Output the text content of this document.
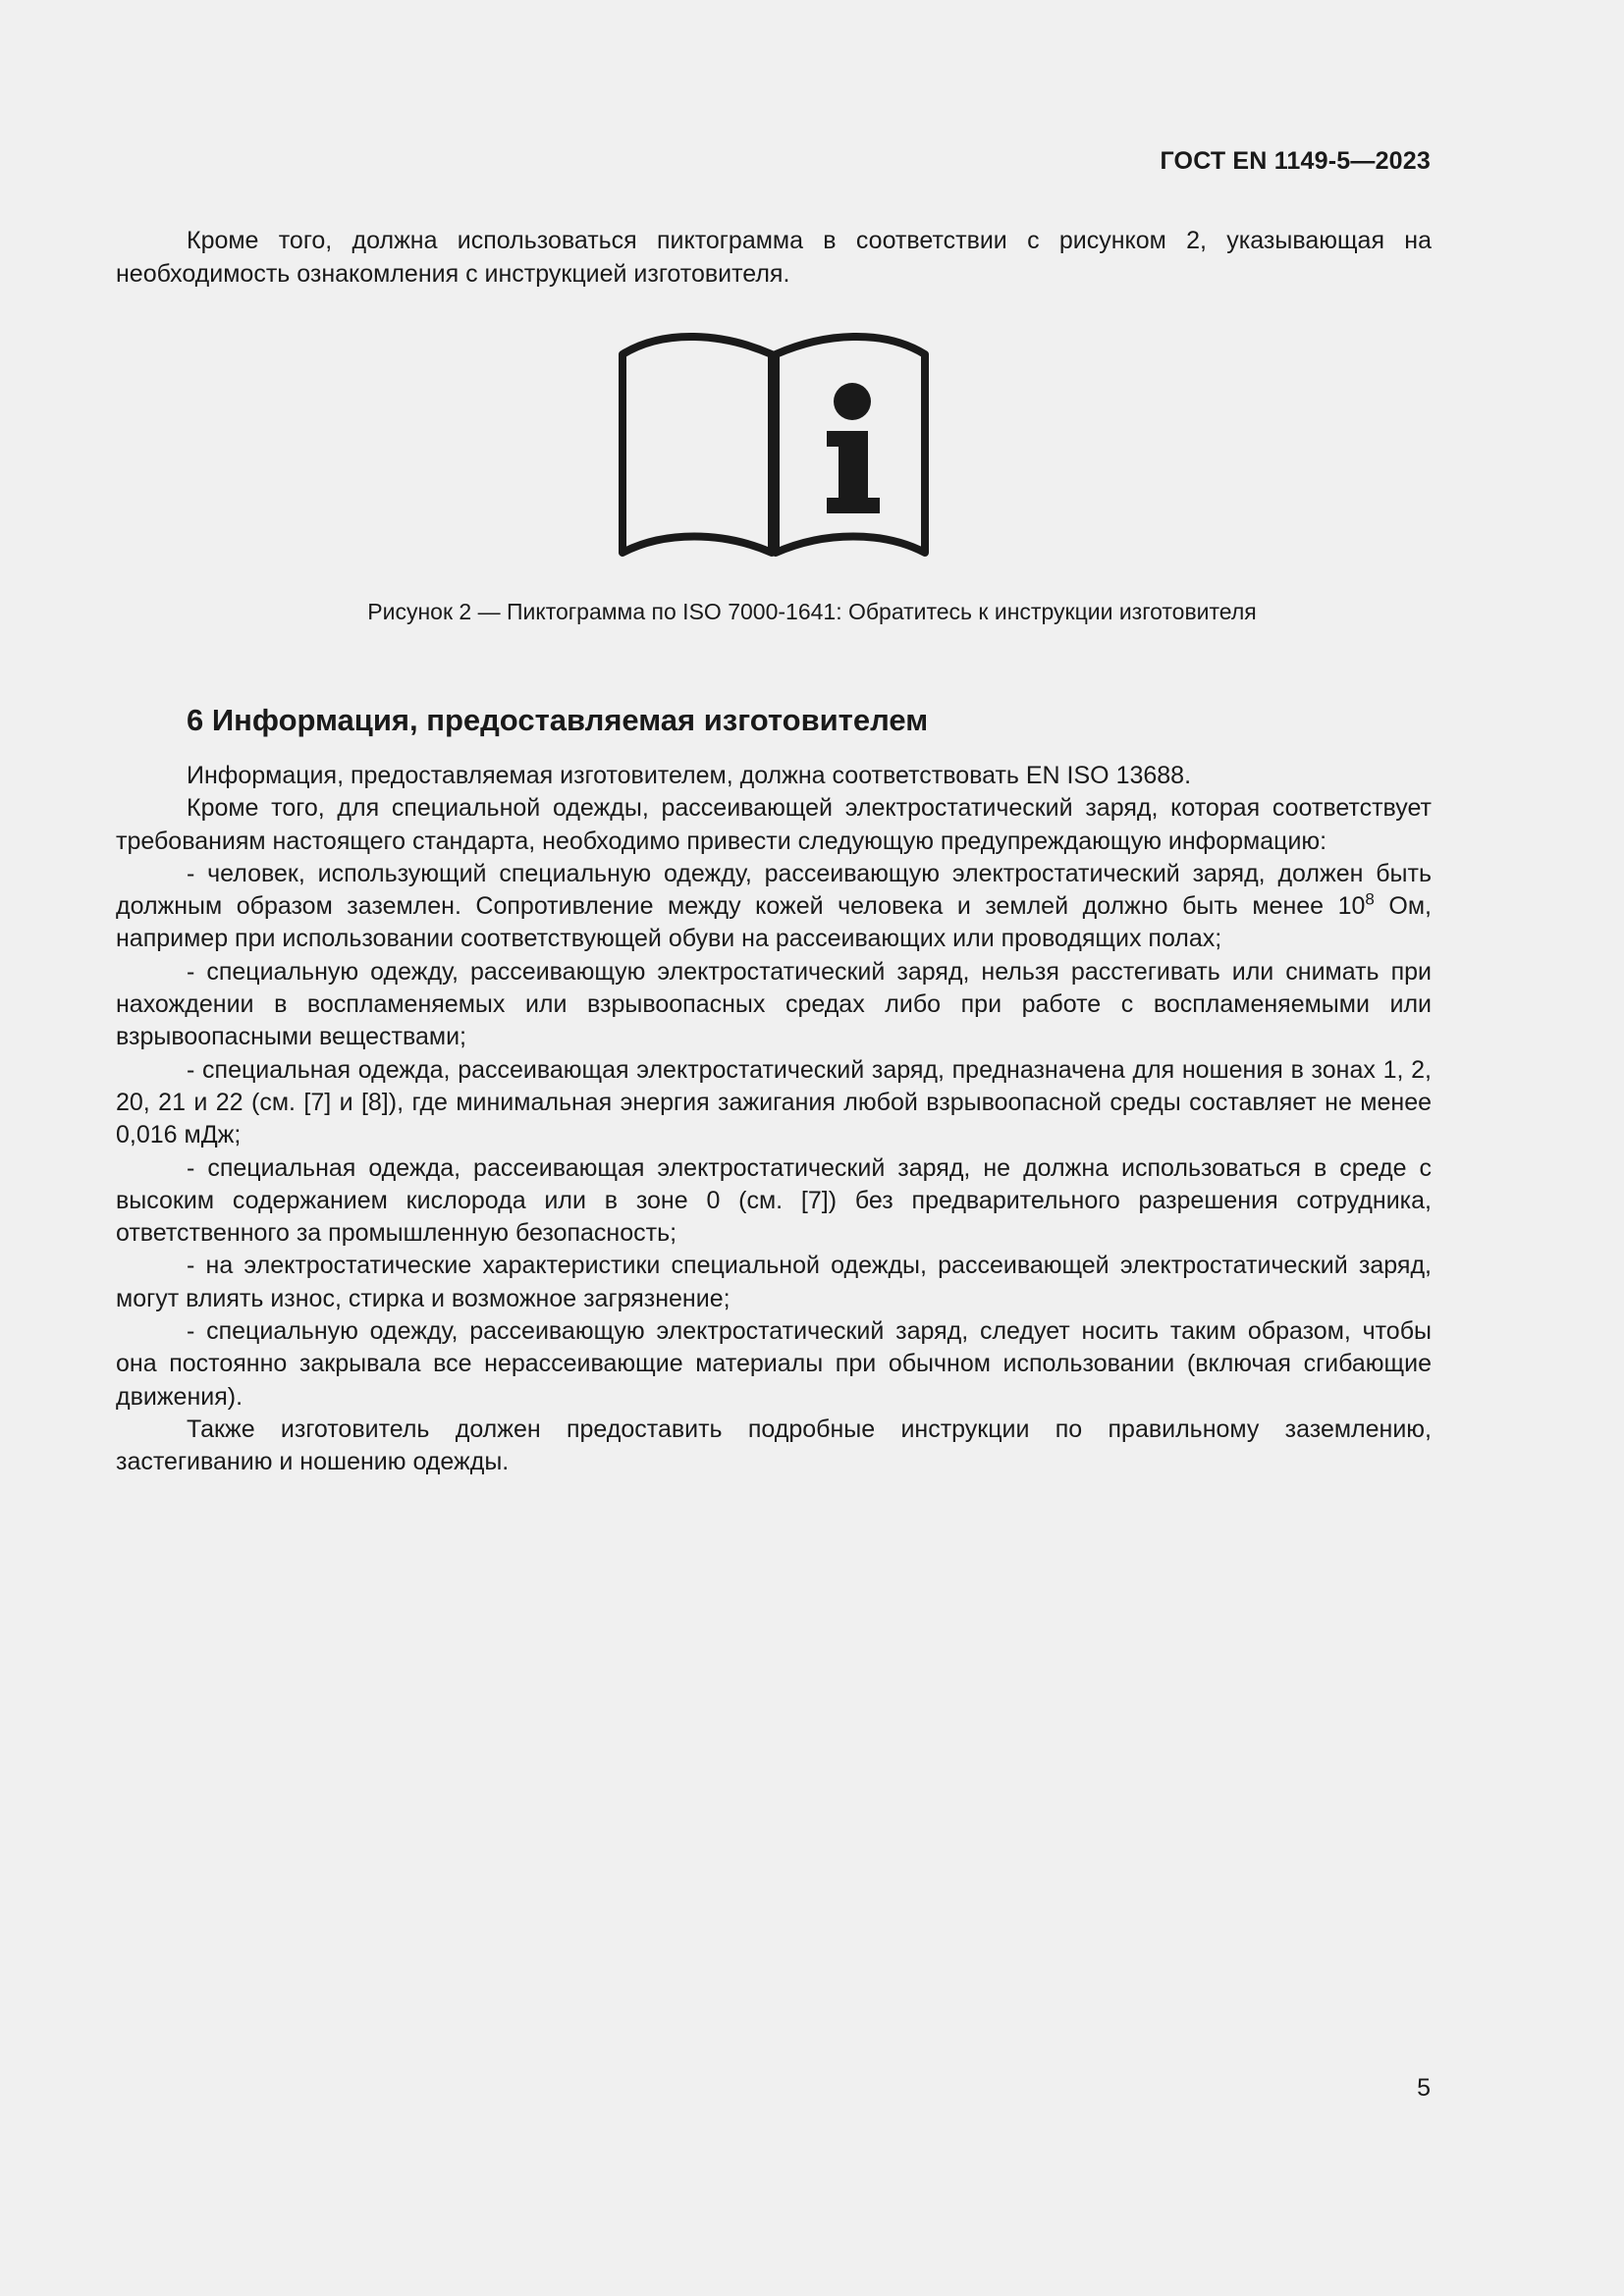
ГОСТ EN 1149-5—2023

Кроме того, должна использоваться пиктограмма в соответствии с рисунком 2, указывающая на необходимость ознакомления с инструкцией изготовителя.

Рисунок 2 — Пиктограмма по ISO 7000-1641: Обратитесь к инструкции изготовителя
6 Информация, предоставляемая изготовителем

Информация, предоставляемая изготовителем, должна соответствовать EN ISO 13688.

Кроме того, для специальной одежды, рассеивающей электростатический заряд, которая соответствует требованиям настоящего стандарта, необходимо привести следующую предупреждающую информацию:

- человек, использующий специальную одежду, рассеивающую электростатический заряд, должен быть должным образом заземлен. Сопротивление между кожей человека и землей должно быть менее $10^8$ Ом, например при использовании соответствующей обуви на рассеивающих или проводящих полах;

- специальную одежду, рассеивающую электростатический заряд, нельзя расстегивать или снимать при нахождении в воспламеняемых или взрывоопасных средах либо при работе с воспламеняемыми или взрывоопасными веществами;

- специальная одежда, рассеивающая электростатический заряд, предназначена для ношения в зонах 1, 2, 20, 21 и 22 (см. [7] и [8]), где минимальная энергия зажигания любой взрывоопасной среды составляет не менее 0,016 мДж;

- специальная одежда, рассеивающая электростатический заряд, не должна использоваться в среде с высоким содержанием кислорода или в зоне 0 (см. [7]) без предварительного разрешения сотрудника, ответственного за промышленную безопасность;

- на электростатические характеристики специальной одежды, рассеивающей электростатический заряд, могут влиять износ, стирка и возможное загрязнение;

- специальную одежду, рассеивающую электростатический заряд, следует носить таким образом, чтобы она постоянно закрывала все нерассеивающие материалы при обычном использовании (включая сгибающие движения).

Также изготовитель должен предоставить подробные инструкции по правильному заземлению, застегиванию и ношению одежды.

5
